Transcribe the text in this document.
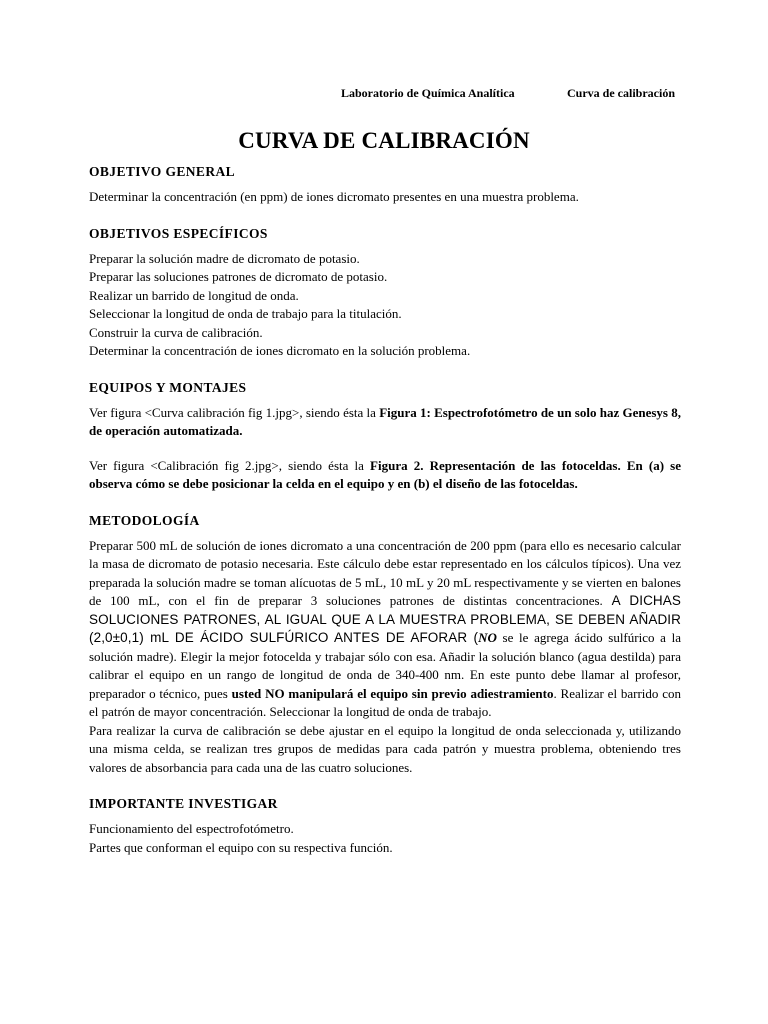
Laboratorio de Química Analítica	Curva de calibración
CURVA DE CALIBRACIÓN
OBJETIVO GENERAL

Determinar la concentración (en ppm) de iones dicromato presentes en una muestra problema.

OBJETIVOS ESPECÍFICOS

Preparar la solución madre de dicromato de potasio.

Preparar las soluciones patrones de dicromato de potasio.

Realizar un barrido de longitud de onda.

Seleccionar la longitud de onda de trabajo para la titulación.

Construir la curva de calibración.

Determinar la concentración de iones dicromato en la solución problema.

EQUIPOS Y MONTAJES

Ver figura <Curva calibración fig 1.jpg>, siendo ésta la Figura 1: Espectrofotómetro de un solo haz Genesys 8, de operación automatizada.

Ver figura <Calibración fig 2.jpg>, siendo ésta la Figura 2. Representación de las fotoceldas. En (a) se observa cómo se debe posicionar la celda en el equipo y en (b) el diseño de las fotoceldas.

METODOLOGÍA

Preparar 500 mL de solución de iones dicromato a una concentración de 200 ppm (para ello es necesario calcular la masa de dicromato de potasio necesaria. Este cálculo debe estar representado en los cálculos típicos). Una vez preparada la solución madre se toman alícuotas de 5 mL, 10 mL y 20 mL respectivamente y se vierten en balones de 100 mL, con el fin de preparar 3 soluciones patrones de distintas concentraciones. A DICHAS SOLUCIONES PATRONES, AL IGUAL QUE A LA MUESTRA PROBLEMA, SE DEBEN AÑADIR (2,0±0,1) mL DE ÁCIDO SULFÚRICO ANTES DE AFORAR (NO se le agrega ácido sulfúrico a la solución madre). Elegir la mejor fotocelda y trabajar sólo con esa. Añadir la solución blanco (agua destilda) para calibrar el equipo en un rango de longitud de onda de 340-400 nm. En este punto debe llamar al profesor, preparador o técnico, pues usted NO manipulará el equipo sin previo adiestramiento. Realizar el barrido con el patrón de mayor concentración. Seleccionar la longitud de onda de trabajo.

Para realizar la curva de calibración se debe ajustar en el equipo la longitud de onda seleccionada y, utilizando una misma celda, se realizan tres grupos de medidas para cada patrón y muestra problema, obteniendo tres valores de absorbancia para cada una de las cuatro soluciones.

IMPORTANTE INVESTIGAR

Funcionamiento del espectrofotómetro.

Partes que conforman el equipo con su respectiva función.
